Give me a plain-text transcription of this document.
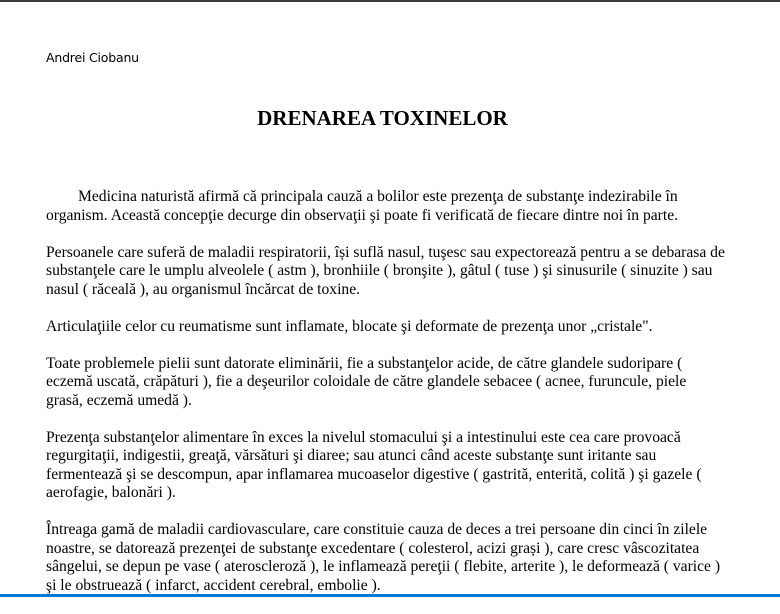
Andrei Ciobanu
DRENAREA TOXINELOR

Medicina naturistă afirmă că principala cauză a bolilor este prezenţa de substanţe indezirabile în
organism. Această concepţie decurge din observaţii şi poate fi verificată de fiecare dintre noi în parte.

Persoanele care suferă de maladii respiratorii, își suflă nasul, tuşesc sau expectorează pentru a se debarasa de
substanţele care le umplu alveolele ( astm ), bronhiile ( bronşite ), gâtul ( tuse ) şi sinusurile ( sinuzite ) sau
nasul ( răceală ), au organismul încărcat de toxine.

Articulaţiile celor cu reumatisme sunt inflamate, blocate şi deformate de prezenţa unor „cristale".

Toate problemele pielii sunt datorate eliminării, fie a substanţelor acide, de către glandele sudoripare (
eczemă uscată, crăpături ), fie a deşeurilor coloidale de către glandele sebacee ( acnee, furuncule, piele
grasă, eczemă umedă ).

Prezenţa substanţelor alimentare în exces la nivelul stomacului şi a intestinului este cea care provoacă
regurgitaţii, indigestii, greaţă, vărsături şi diaree; sau atunci când aceste substanţe sunt iritante sau
fermentează şi se descompun, apar inflamarea mucoaselor digestive ( gastrită, enterită, colită ) şi gazele (
aerofagie, balonări ).

Întreaga gamă de maladii cardiovasculare, care constituie cauza de deces a trei persoane din cinci în zilele
noastre, se datorează prezenţei de substanţe excedentare ( colesterol, acizi grași ), care cresc vâscozitatea
sângelui, se depun pe vase ( ateroscleroză ), le inflamează pereţii ( flebite, arterite ), le deformează ( varice )
şi le obstruează ( infarct, accident cerebral, embolie ).
